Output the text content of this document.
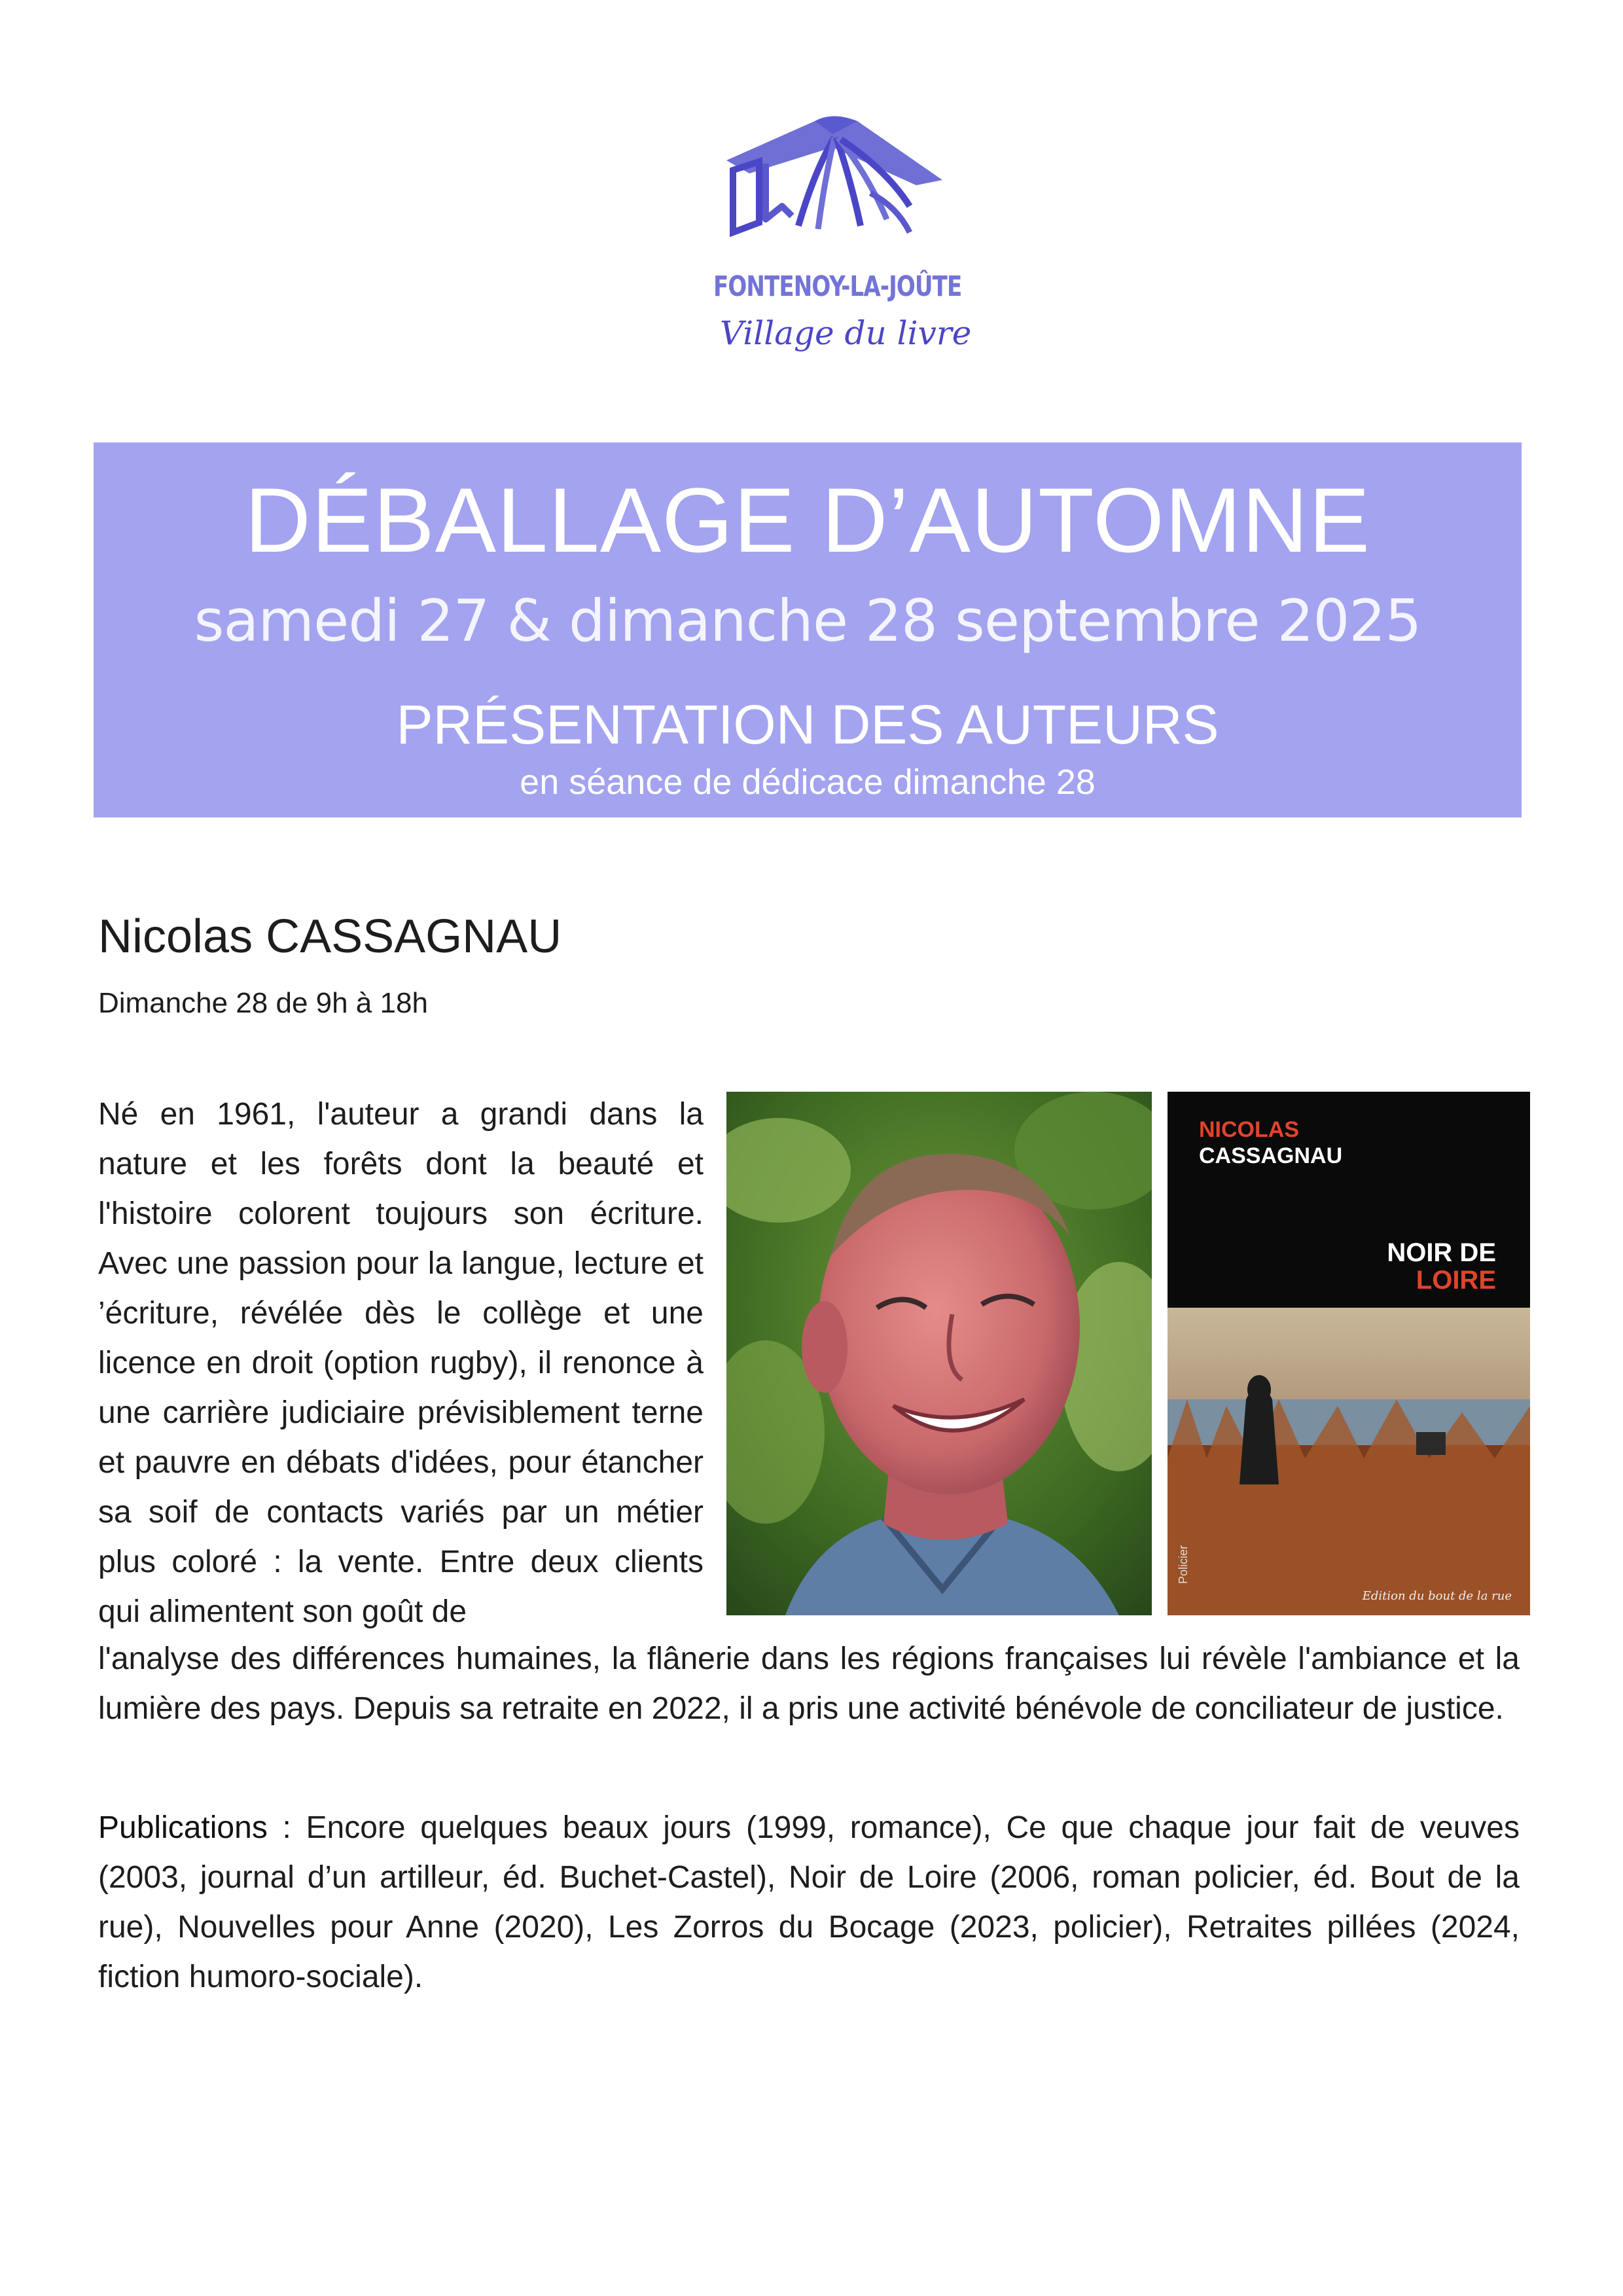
FONTENOY-LA-JOÛTE
Village du livre
DÉBALLAGE D’AUTOMNE
samedi 27 & dimanche 28 septembre 2025
PRÉSENTATION DES AUTEURS
en séance de dédicace dimanche 28
Nicolas CASSAGNAU
Dimanche 28 de 9h à 18h
Né en 1961, l'auteur a grandi dans la nature et les forêts dont la beauté et l'histoire colorent toujours son écriture. Avec une passion pour la langue, lecture et ’écriture, révélée dès le collège et une licence en droit (option rugby), il renonce à une carrière judiciaire prévisiblement terne et pauvre en débats d'idées, pour étancher sa soif de contacts variés par un métier plus coloré : la vente. Entre deux clients qui alimentent son goût de
NICOLAS
CASSAGNAU
NOIR DE
LOIRE
Policier
Edition du bout de la rue
l'analyse des différences humaines, la flânerie dans les régions françaises lui révèle l'ambiance et la lumière des pays. Depuis sa retraite en 2022, il a pris une activité bénévole de conciliateur de justice.
Publications : Encore quelques beaux jours (1999, romance), Ce que chaque jour fait de veuves (2003, journal d’un artilleur, éd. Buchet-Castel), Noir de Loire (2006, roman policier, éd. Bout de la rue), Nouvelles pour Anne (2020), Les Zorros du Bocage (2023, policier), Retraites pillées (2024, fiction humoro-sociale).
